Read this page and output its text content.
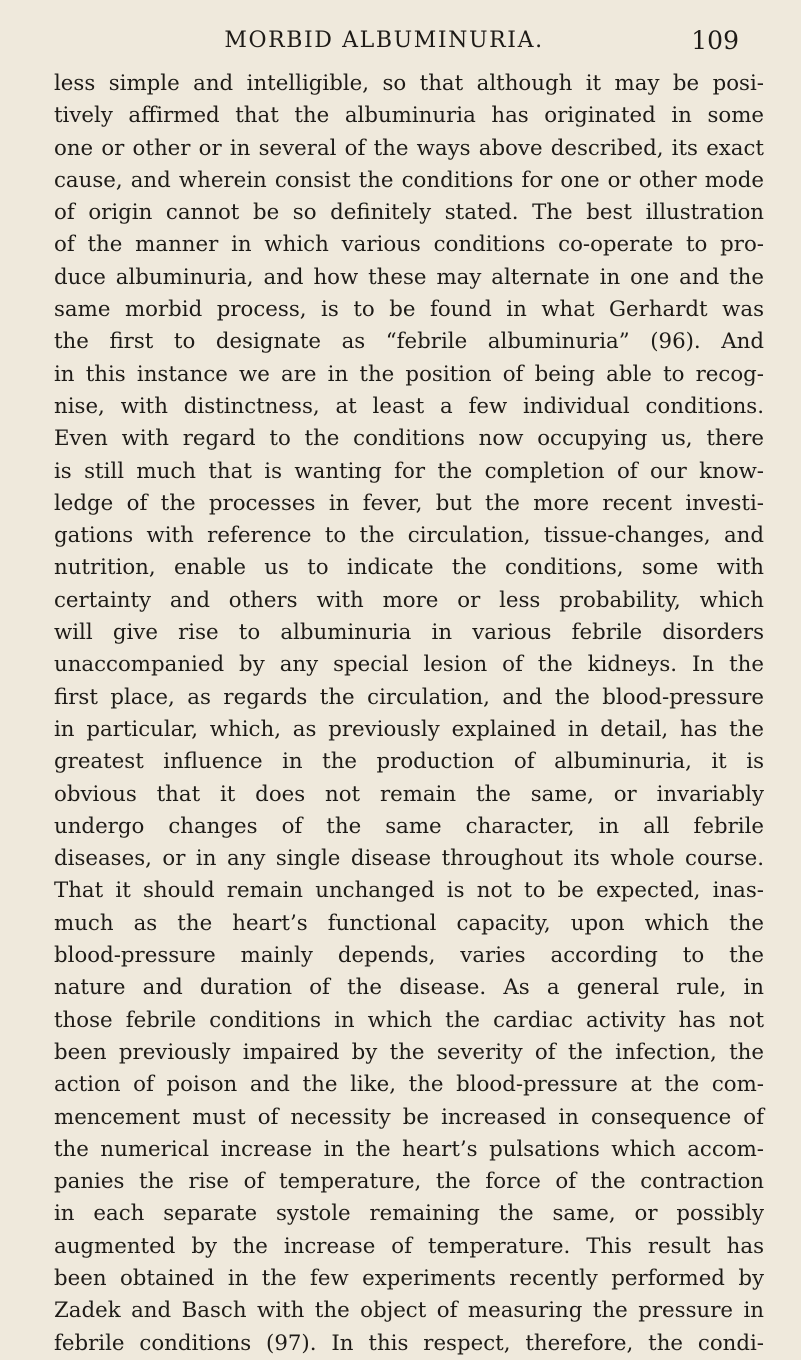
MORBID ALBUMINURIA.	109
less simple and intelligible, so that although it may be posi-
tively affirmed that the albuminuria has originated in some
one or other or in several of the ways above described, its exact
cause, and wherein consist the conditions for one or other mode
of origin cannot be so definitely stated. The best illustration
of the manner in which various conditions co-operate to pro-
duce albuminuria, and how these may alternate in one and the
same morbid process, is to be found in what Gerhardt was
the first to designate as “febrile albuminuria” (96). And
in this instance we are in the position of being able to recog-
nise, with distinctness, at least a few individual conditions.
Even with regard to the conditions now occupying us, there
is still much that is wanting for the completion of our know-
ledge of the processes in fever, but the more recent investi-
gations with reference to the circulation, tissue-changes, and
nutrition, enable us to indicate the conditions, some with
certainty and others with more or less probability, which
will give rise to albuminuria in various febrile disorders
unaccompanied by any special lesion of the kidneys. In the
first place, as regards the circulation, and the blood-pressure
in particular, which, as previously explained in detail, has the
greatest influence in the production of albuminuria, it is
obvious that it does not remain the same, or invariably
undergo changes of the same character, in all febrile
diseases, or in any single disease throughout its whole course.
That it should remain unchanged is not to be expected, inas-
much as the heart’s functional capacity, upon which the
blood-pressure mainly depends, varies according to the
nature and duration of the disease. As a general rule, in
those febrile conditions in which the cardiac activity has not
been previously impaired by the severity of the infection, the
action of poison and the like, the blood-pressure at the com-
mencement must of necessity be increased in consequence of
the numerical increase in the heart’s pulsations which accom-
panies the rise of temperature, the force of the contraction
in each separate systole remaining the same, or possibly
augmented by the increase of temperature. This result has
been obtained in the few experiments recently performed by
Zadek and Basch with the object of measuring the pressure in
febrile conditions (97). In this respect, therefore, the condi-
